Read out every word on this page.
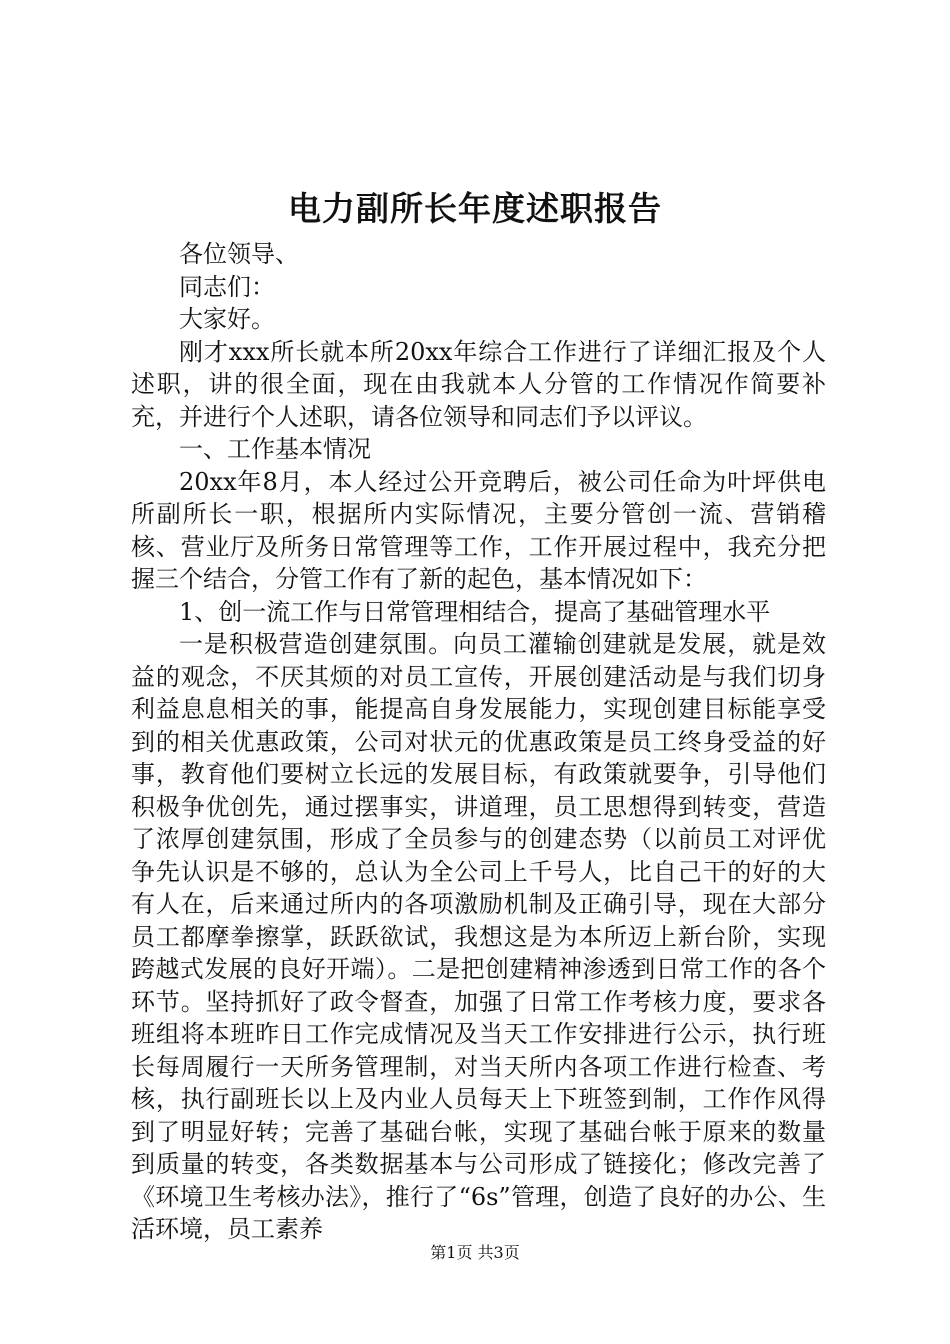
电力副所长年度述职报告

各位领导、

同志们：

大家好。

刚才xxx所长就本所20xx年综合工作进行了详细汇报及个人述职，讲的很全面，现在由我就本人分管的工作情况作简要补充，并进行个人述职，请各位领导和同志们予以评议。

一、工作基本情况

20xx年8月，本人经过公开竞聘后，被公司任命为叶坪供电所副所长一职，根据所内实际情况，主要分管创一流、营销稽核、营业厅及所务日常管理等工作，工作开展过程中，我充分把握三个结合，分管工作有了新的起色，基本情况如下：

1、创一流工作与日常管理相结合，提高了基础管理水平

一是积极营造创建氛围。向员工灌输创建就是发展，就是效益的观念，不厌其烦的对员工宣传，开展创建活动是与我们切身利益息息相关的事，能提高自身发展能力，实现创建目标能享受到的相关优惠政策，公司对状元的优惠政策是员工终身受益的好事，教育他们要树立长远的发展目标，有政策就要争，引导他们积极争优创先，通过摆事实，讲道理，员工思想得到转变，营造了浓厚创建氛围，形成了全员参与的创建态势（以前员工对评优争先认识是不够的，总认为全公司上千号人，比自己干的好的大有人在，后来通过所内的各项激励机制及正确引导，现在大部分员工都摩拳擦掌，跃跃欲试，我想这是为本所迈上新台阶，实现跨越式发展的良好开端）。二是把创建精神渗透到日常工作的各个环节。坚持抓好了政令督查，加强了日常工作考核力度，要求各班组将本班昨日工作完成情况及当天工作安排进行公示，执行班长每周履行一天所务管理制，对当天所内各项工作进行检查、考核，执行副班长以上及内业人员每天上下班签到制，工作作风得到了明显好转；完善了基础台帐，实现了基础台帐于原来的数量到质量的转变，各类数据基本与公司形成了链接化；修改完善了《环境卫生考核办法》，推行了“6s”管理，创造了良好的办公、生活环境，员工素养

第1页 共3页
